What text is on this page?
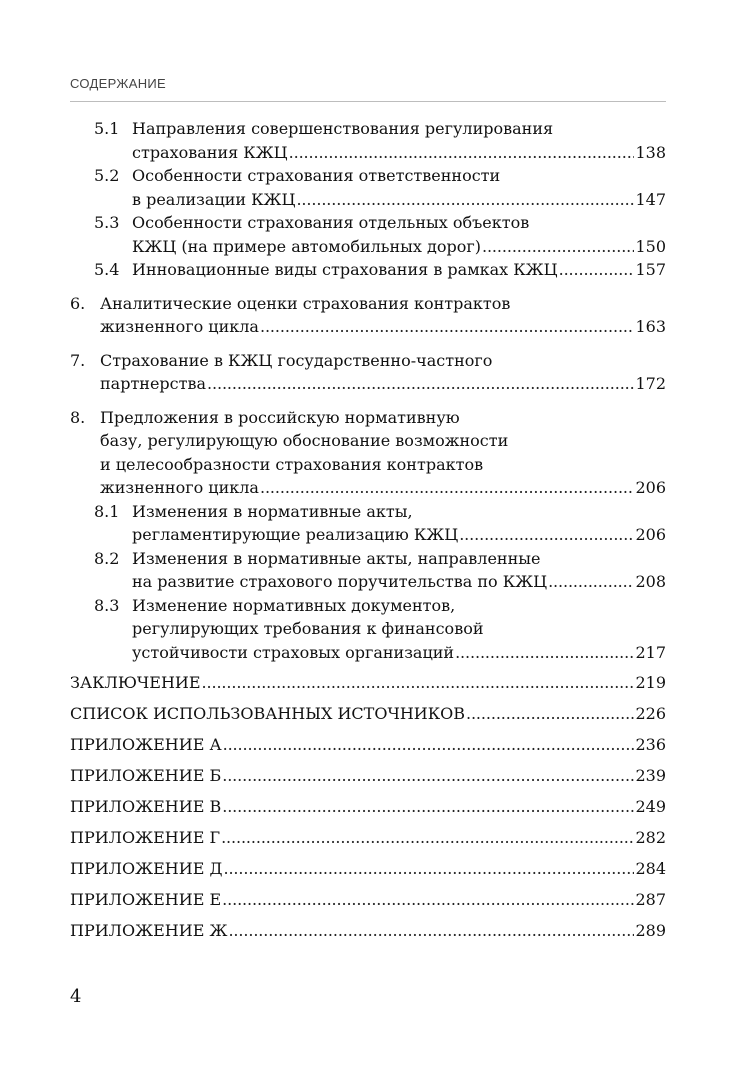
СОДЕРЖАНИЕ
5.1 Направления совершенствования регулирования
страхования КЖЦ . . .	138
5.2 Особенности страхования ответственности
в реализации КЖЦ . . .	147
5.3 Особенности страхования отдельных объектов
КЖЦ (на примере автомобильных дорог) . . .	150
5.4 Инновационные виды страхования в рамках КЖЦ . . .	157
6. Аналитические оценки страхования контрактов
жизненного цикла . . .	163
7. Страхование в КЖЦ государственно-частного
партнерства . . .	172
8. Предложения в российскую нормативную
базу, регулирующую обоснование возможности
и целесообразности страхования контрактов
жизненного цикла . . .	206
8.1 Изменения в нормативные акты,
регламентирующие реализацию КЖЦ . . .	206
8.2 Изменения в нормативные акты, направленные
на развитие страхового поручительства по КЖЦ . . .	208
8.3 Изменение нормативных документов,
регулирующих требования к финансовой
устойчивости страховых организаций . . .	217
ЗАКЛЮЧЕНИЕ . . .	219
СПИСОК ИСПОЛЬЗОВАННЫХ ИСТОЧНИКОВ . . .	226
ПРИЛОЖЕНИЕ А . . .	236
ПРИЛОЖЕНИЕ Б . . .	239
ПРИЛОЖЕНИЕ В . . .	249
ПРИЛОЖЕНИЕ Г . . .	282
ПРИЛОЖЕНИЕ Д . . .	284
ПРИЛОЖЕНИЕ Е . . .	287
ПРИЛОЖЕНИЕ Ж . . .	289
4
